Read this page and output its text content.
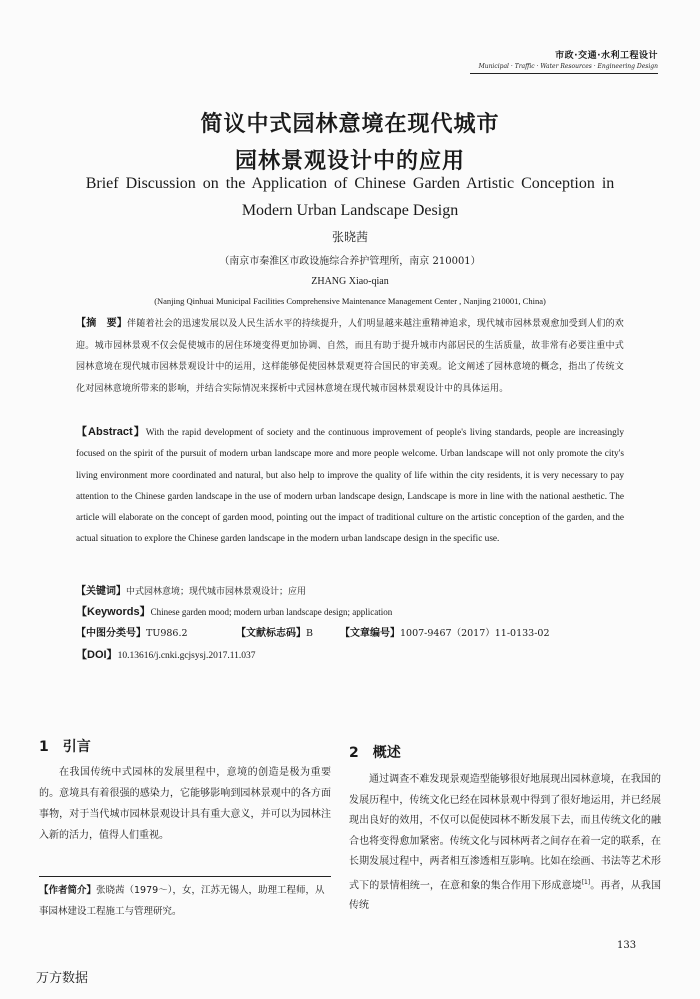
市政·交通·水利工程设计
Municipal · Traffic · Water Resources · Engineering Design
简议中式园林意境在现代城市
园林景观设计中的应用
Brief Discussion on the Application of Chinese Garden Artistic Conception in
Modern Urban Landscape Design
张晓茜
（南京市秦淮区市政设施综合养护管理所，南京 210001）
ZHANG Xiao-qian
(Nanjing Qinhuai Municipal Facilities Comprehensive Maintenance Management Center , Nanjing 210001, China)
【摘　要】伴随着社会的迅速发展以及人民生活水平的持续提升，人们明显越来越注重精神追求，现代城市园林景观愈加受到人们的欢迎。城市园林景观不仅会促使城市的居住环境变得更加协调、自然，而且有助于提升城市内部居民的生活质量，故非常有必要注重中式园林意境在现代城市园林景观设计中的运用，这样能够促使园林景观更符合国民的审美观。论文阐述了园林意境的概念，指出了传统文化对园林意境所带来的影响，并结合实际情况来探析中式园林意境在现代城市园林景观设计中的具体运用。
【Abstract】With the rapid development of society and the continuous improvement of people's living standards, people are increasingly focused on the spirit of the pursuit of modern urban landscape more and more people welcome. Urban landscape will not only promote the city's living environment more coordinated and natural, but also help to improve the quality of life within the city residents, it is very necessary to pay attention to the Chinese garden landscape in the use of modern urban landscape design, Landscape is more in line with the national aesthetic. The article will elaborate on the concept of garden mood, pointing out the impact of traditional culture on the artistic conception of the garden, and the actual situation to explore the Chinese garden landscape in the modern urban landscape design in the specific use.
【关键词】中式园林意境；现代城市园林景观设计；应用
【Keywords】Chinese garden mood; modern urban landscape design; application
【中图分类号】TU986.2	【文献标志码】B	【文章编号】1007-9467（2017）11-0133-02
【DOI】10.13616/j.cnki.gcjsysj.2017.11.037
1　引言
在我国传统中式园林的发展里程中，意境的创造是极为重要的。意境具有着很强的感染力，它能够影响到园林景观中的各方面事物，对于当代城市园林景观设计具有重大意义，并可以为园林注入新的活力，值得人们重视。
【作者简介】张晓茜（1979～），女，江苏无锡人，助理工程师，从事园林建设工程施工与管理研究。
2　概述
通过调查不难发现景观造型能够很好地展现出园林意境，在我国的发展历程中，传统文化已经在园林景观中得到了很好地运用，并已经展现出良好的效用，不仅可以促使园林不断发展下去，而且传统文化的融合也将变得愈加紧密。传统文化与园林两者之间存在着一定的联系，在长期发展过程中，两者相互渗透相互影响。比如在绘画、书法等艺术形式下的景情相统一，在意和象的集合作用下形成意境[1]。再者，从我国传统
133
万方数据
